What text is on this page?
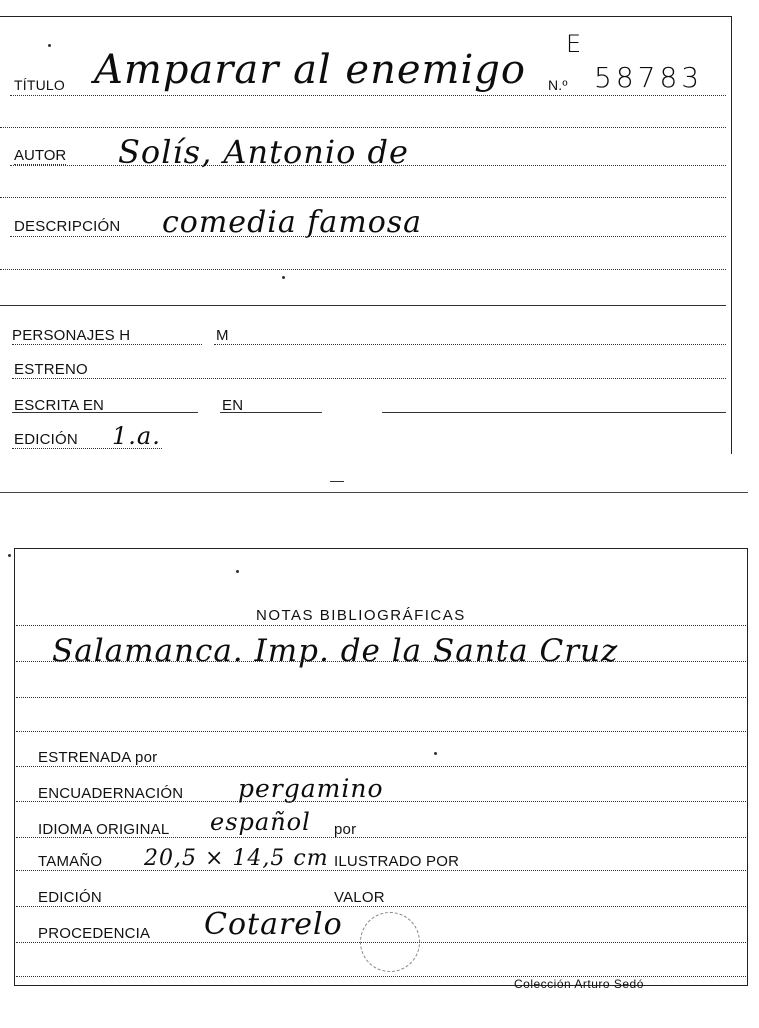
E
TÍTULO Amparar al enemigo N.º 58783
AUTOR Solís, Antonio de
DESCRIPCIÓN comedia famosa
PERSONAJES H	M
ESTRENO
ESCRITA EN	EN
EDICIÓN 1.a.
NOTAS BIBLIOGRÁFICAS
Salamanca. Imp. de la Santa Cruz
ESTRENADA por
ENCUADERNACIÓN pergamino
IDIOMA ORIGINAL español por
TAMAÑO 20,5 × 14,5 cm ILUSTRADO POR
EDICIÓN	VALOR
PROCEDENCIA Cotarelo
Colección Arturo Sedó
